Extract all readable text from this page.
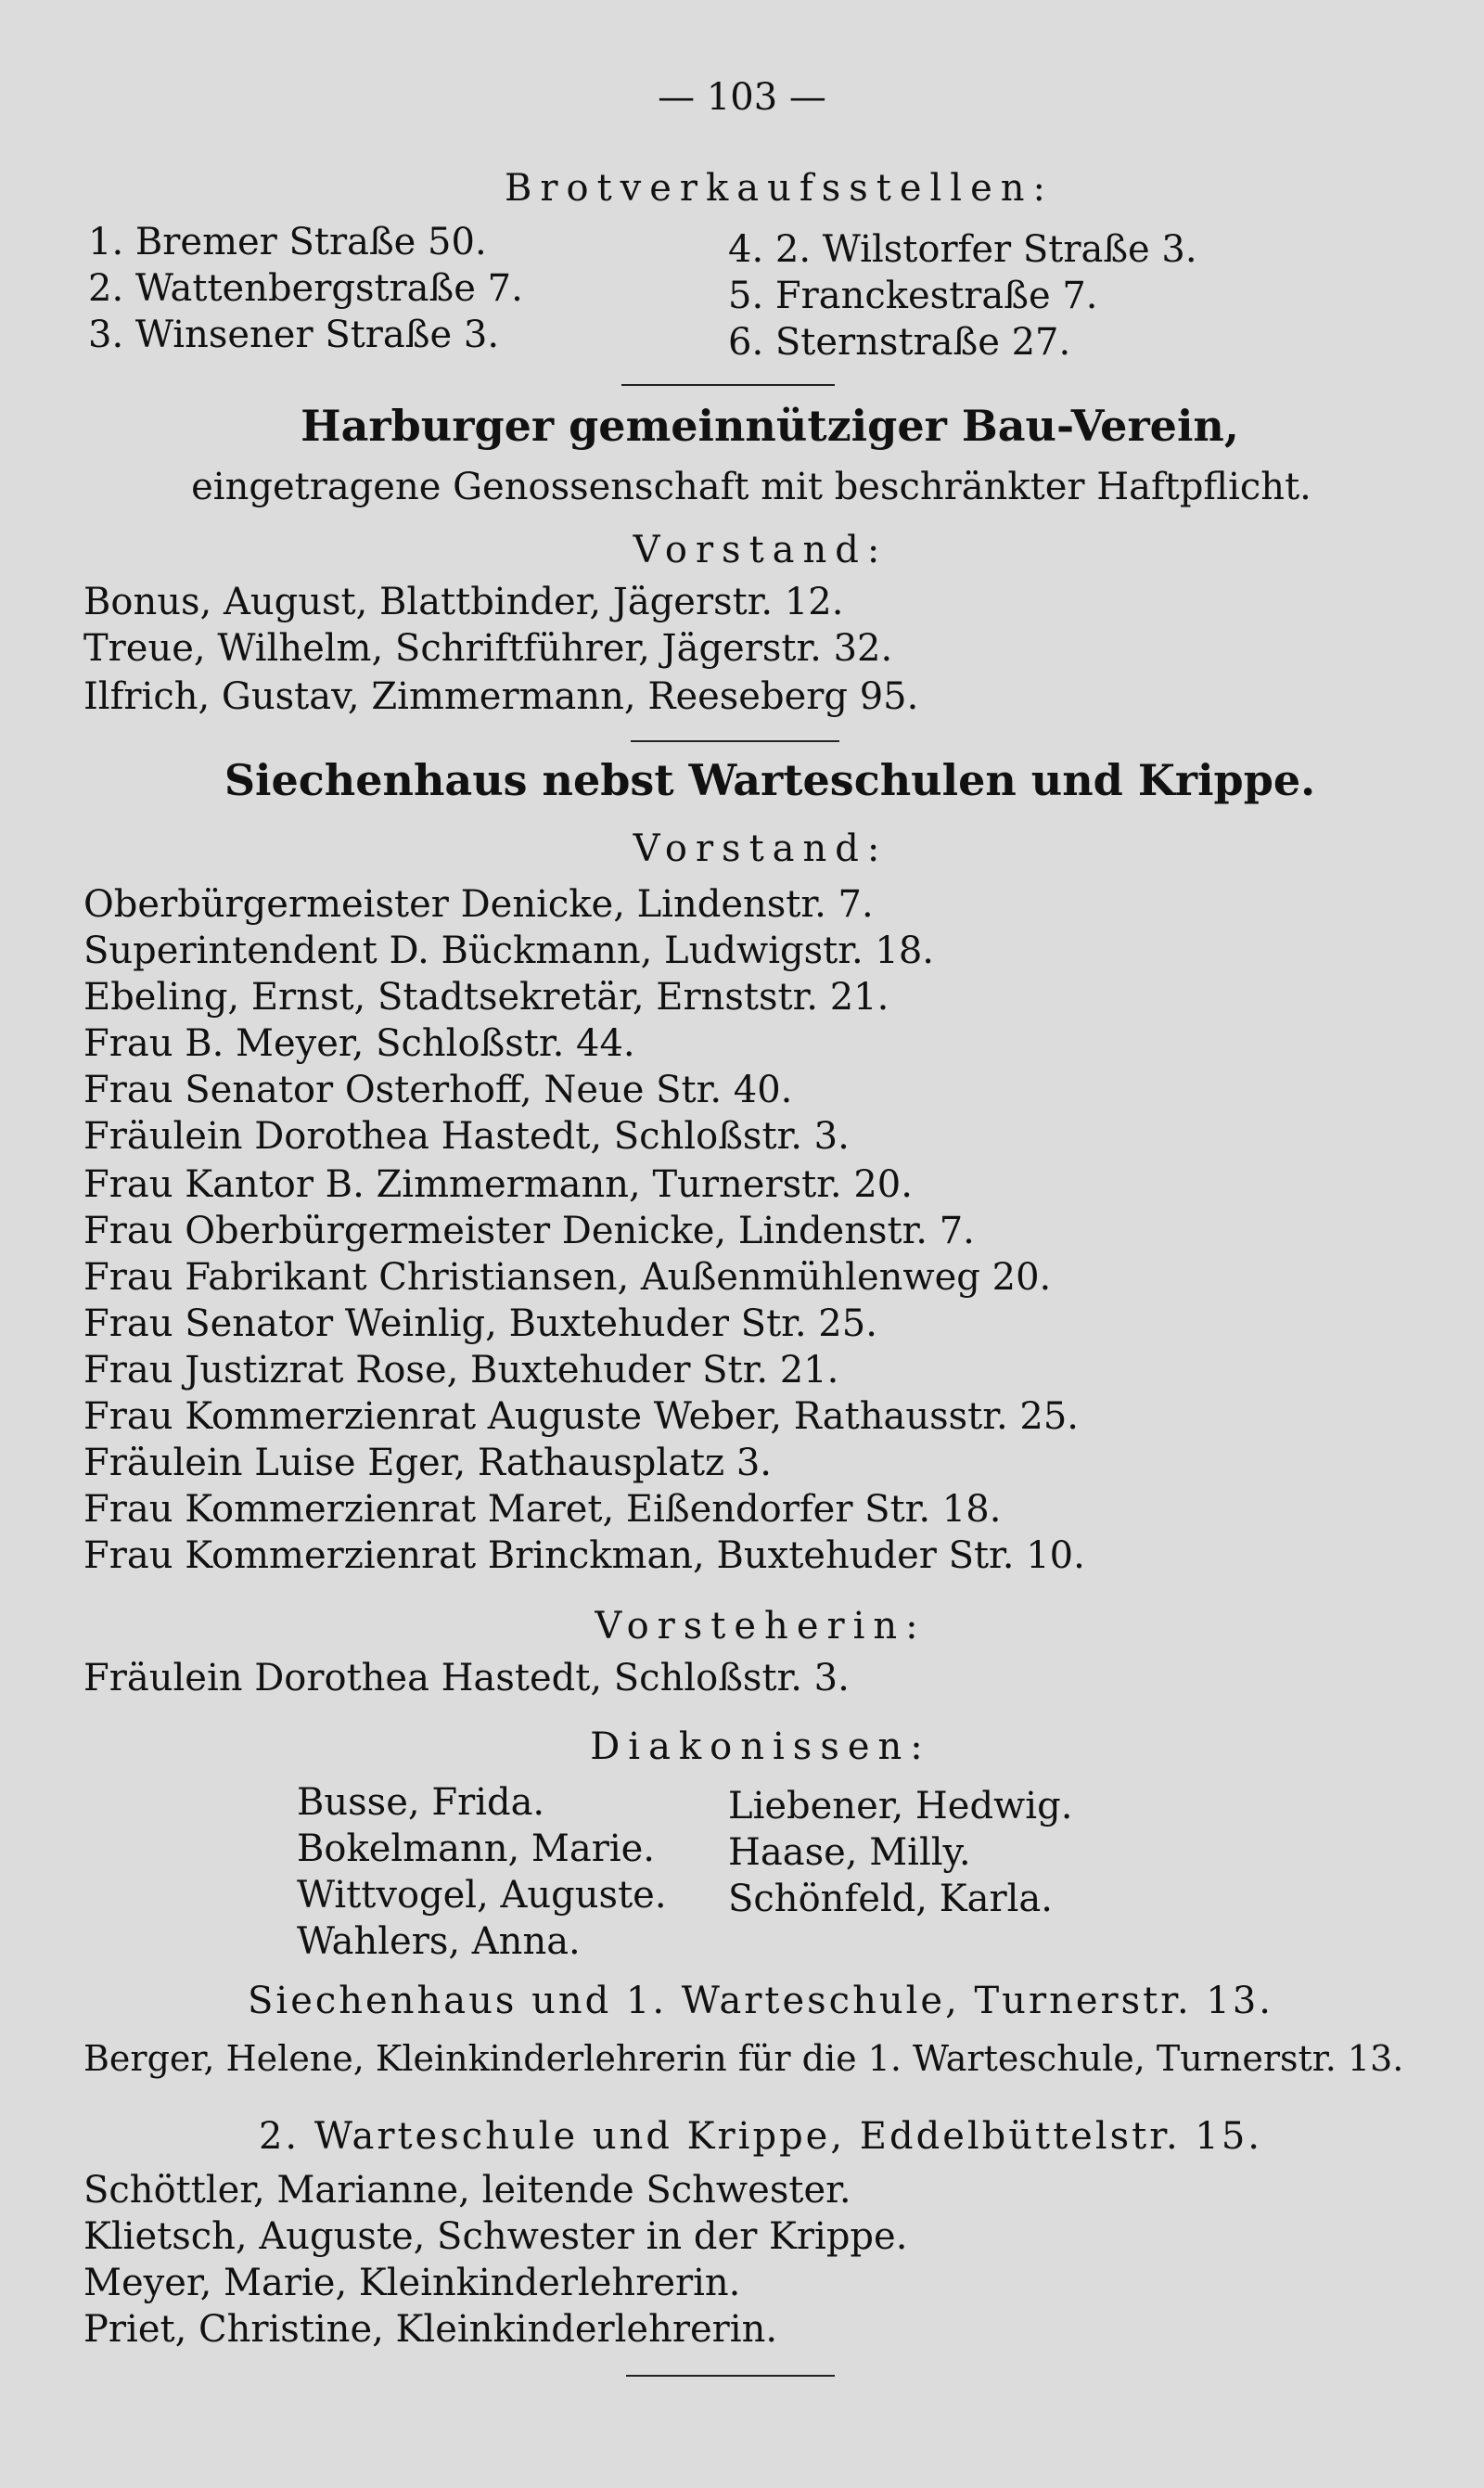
— 103 —
Brotverkaufsstellen:
1. Bremer Straße 50.
2. Wattenbergstraße 7.
3. Winsener Straße 3.
4. 2. Wilstorfer Straße 3.
5. Franckestraße 7.
6. Sternstraße 27.
Harburger gemeinnütziger Bau-Verein,
eingetragene Genossenschaft mit beschränkter Haftpflicht.
Vorstand:
Bonus, August, Blattbinder, Jägerstr. 12.
Treue, Wilhelm, Schriftführer, Jägerstr. 32.
Ilfrich, Gustav, Zimmermann, Reeseberg 95.
Siechenhaus nebst Warteschulen und Krippe.
Vorstand:
Oberbürgermeister Denicke, Lindenstr. 7.
Superintendent D. Bückmann, Ludwigstr. 18.
Ebeling, Ernst, Stadtsekretär, Ernststr. 21.
Frau B. Meyer, Schloßstr. 44.
Frau Senator Osterhoff, Neue Str. 40.
Fräulein Dorothea Hastedt, Schloßstr. 3.
Frau Kantor B. Zimmermann, Turnerstr. 20.
Frau Oberbürgermeister Denicke, Lindenstr. 7.
Frau Fabrikant Christiansen, Außenmühlenweg 20.
Frau Senator Weinlig, Buxtehuder Str. 25.
Frau Justizrat Rose, Buxtehuder Str. 21.
Frau Kommerzienrat Auguste Weber, Rathausstr. 25.
Fräulein Luise Eger, Rathausplatz 3.
Frau Kommerzienrat Maret, Eißendorfer Str. 18.
Frau Kommerzienrat Brinckman, Buxtehuder Str. 10.
Vorsteherin:
Fräulein Dorothea Hastedt, Schloßstr. 3.
Diakonissen:
Busse, Frida.
Bokelmann, Marie.
Wittvogel, Auguste.
Wahlers, Anna.
Liebener, Hedwig.
Haase, Milly.
Schönfeld, Karla.
Siechenhaus und 1. Warteschule, Turnerstr. 13.
Berger, Helene, Kleinkinderlehrerin für die 1. Warteschule, Turnerstr. 13.
2. Warteschule und Krippe, Eddelbüttelstr. 15.
Schöttler, Marianne, leitende Schwester.
Klietsch, Auguste, Schwester in der Krippe.
Meyer, Marie, Kleinkinderlehrerin.
Priet, Christine, Kleinkinderlehrerin.
